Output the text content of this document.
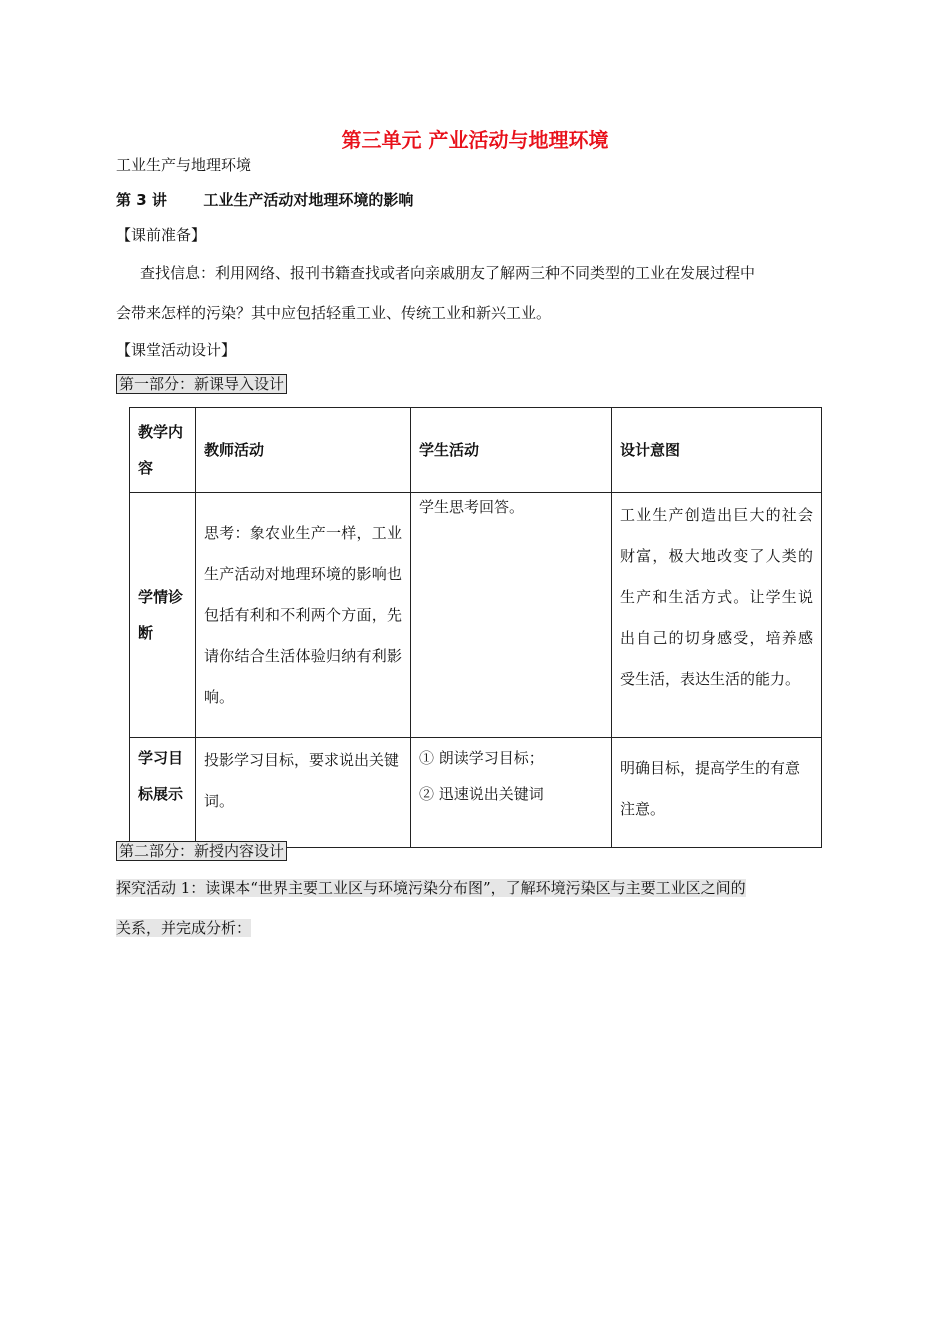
第三单元 产业活动与地理环境
工业生产与地理环境
第 3 讲 工业生产活动对地理环境的影响
【课前准备】
查找信息：利用网络、报刊书籍查找或者向亲戚朋友了解两三种不同类型的工业在发展过程中
会带来怎样的污染？其中应包括轻重工业、传统工业和新兴工业。
【课堂活动设计】
第一部分：新课导入设计
教学内容	教师活动	学生活动	设计意图

学情诊断	思考：象农业生产一样，工业生产活动对地理环境的影响也包括有利和不利两个方面，先请你结合生活体验归纳有利影响。	学生思考回答。	工业生产创造出巨大的社会财富，极大地改变了人类的生产和生活方式。让学生说出自己的切身感受，培养感受生活，表达生活的能力。

学习目标展示	投影学习目标，要求说出关键词。	① 朗读学习目标；
② 迅速说出关键词	明确目标，提高学生的有意注意。
第二部分：新授内容设计
探究活动 1：读课本“世界主要工业区与环境污染分布图”，了解环境污染区与主要工业区之间的
关系，并完成分析：
